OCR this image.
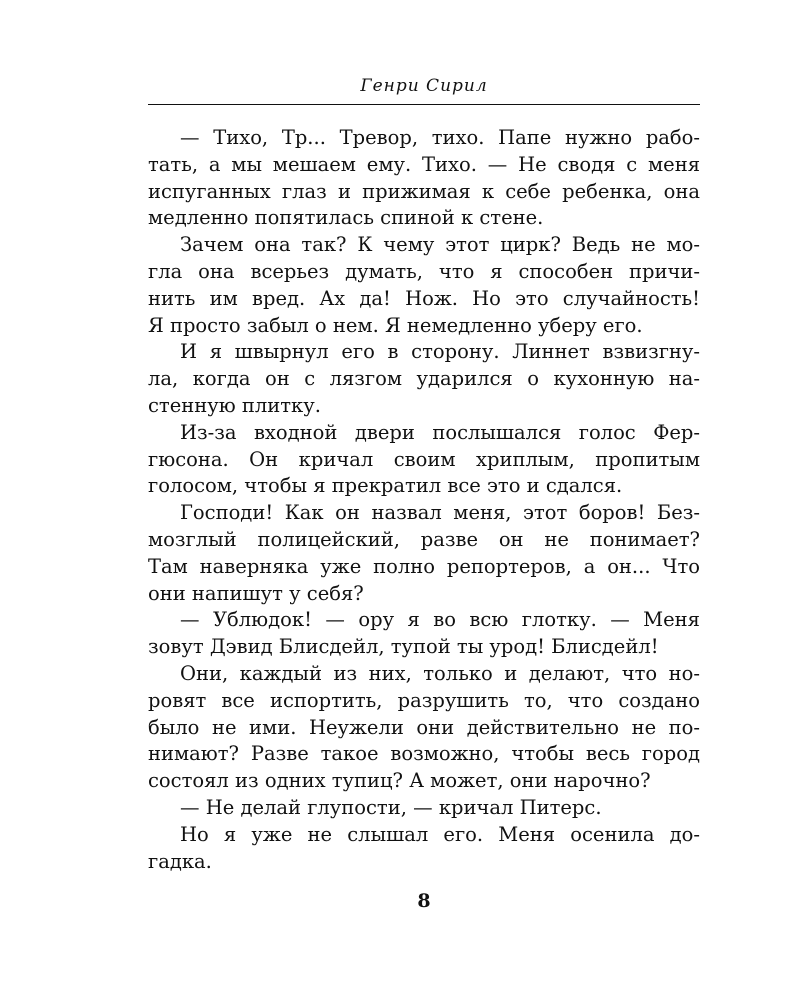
Генри Сирил
— Тихо, Тр... Тревор, тихо. Папе нужно рабо-
тать, а мы мешаем ему. Тихо. — Не сводя с меня
испуганных глаз и прижимая к себе ребенка, она
медленно попятилась спиной к стене.
Зачем она так? К чему этот цирк? Ведь не мо-
гла она всерьез думать, что я способен причи-
нить им вред. Ах да! Нож. Но это случайность!
Я просто забыл о нем. Я немедленно уберу его.
И я швырнул его в сторону. Линнет взвизгну-
ла, когда он с лязгом ударился о кухонную на-
стенную плитку.
Из-за входной двери послышался голос Фер-
гюсона. Он кричал своим хриплым, пропитым
голосом, чтобы я прекратил все это и сдался.
Господи! Как он назвал меня, этот боров! Без-
мозглый полицейский, разве он не понимает?
Там наверняка уже полно репортеров, а он... Что
они напишут у себя?
— Ублюдок! — ору я во всю глотку. — Меня
зовут Дэвид Блисдейл, тупой ты урод! Блисдейл!
Они, каждый из них, только и делают, что но-
ровят все испортить, разрушить то, что создано
было не ими. Неужели они действительно не по-
нимают? Разве такое возможно, чтобы весь город
состоял из одних тупиц? А может, они нарочно?
— Не делай глупости, — кричал Питерс.
Но я уже не слышал его. Меня осенила до-
гадка.
8
